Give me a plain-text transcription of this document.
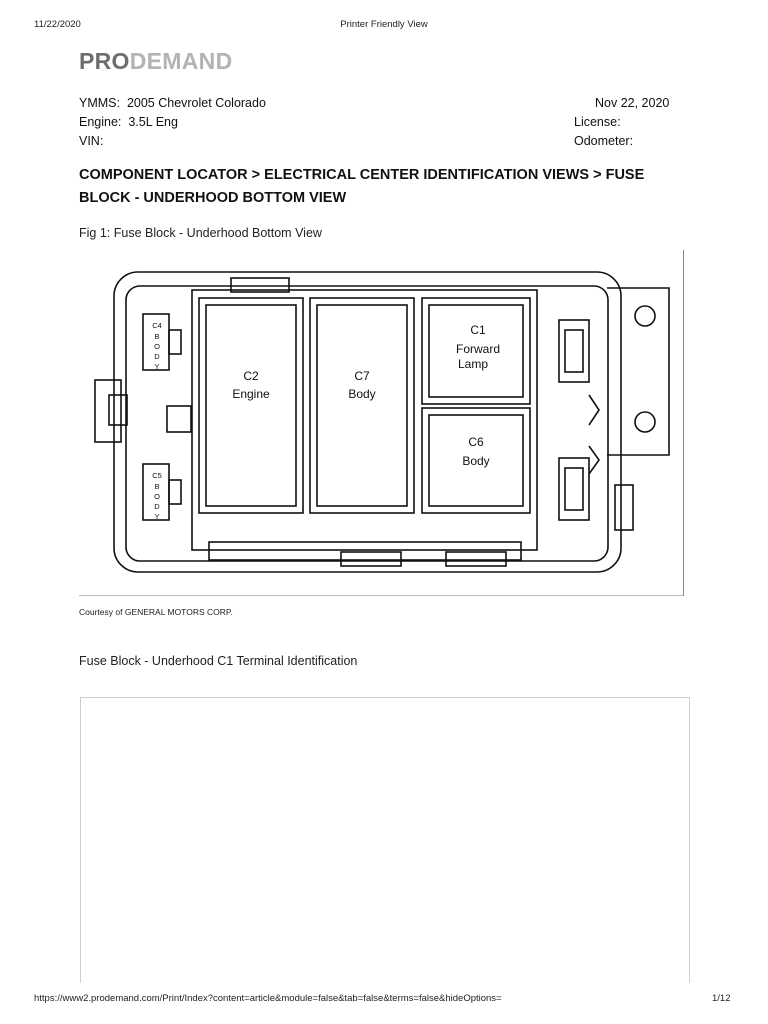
11/22/2020	Printer Friendly View
PRODEMAND
YMMS: 2005 Chevrolet Colorado
Engine: 3.5L Eng
VIN:
Nov 22, 2020
License:
Odometer:
COMPONENT LOCATOR > ELECTRICAL CENTER IDENTIFICATION VIEWS > FUSE
BLOCK - UNDERHOOD BOTTOM VIEW
Fig 1: Fuse Block - Underhood Bottom View
C2
Engine
C7
Body
C1
Forward
Lamp
C6
Body
C4
B
O
D
Y
C5
B
O
D
Y
Courtesy of GENERAL MOTORS CORP.
Fuse Block - Underhood C1 Terminal Identification
https://www2.prodemand.com/Print/Index?content=article&module=false&tab=false&terms=false&hideOptions=	1/12
